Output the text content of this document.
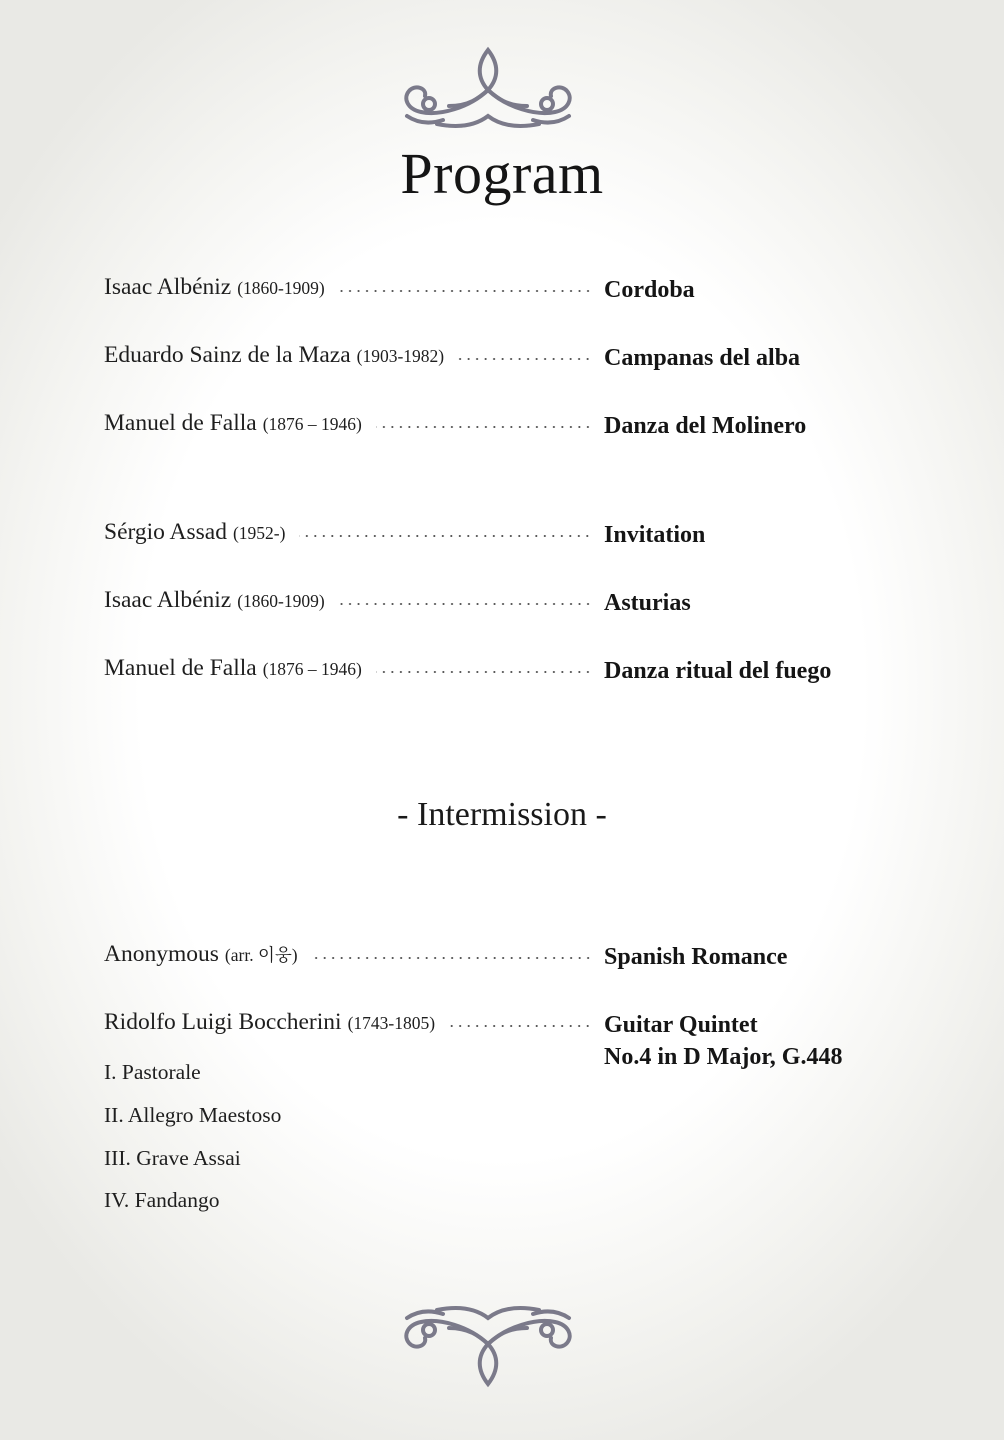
Program
Isaac Albéniz (1860-1909)	Cordoba
Eduardo Sainz de la Maza (1903-1982)	Campanas del alba
Manuel de Falla (1876 – 1946)	Danza del Molinero
Sérgio Assad (1952-)	Invitation
Isaac Albéniz (1860-1909)	Asturias
Manuel de Falla (1876 – 1946)	Danza ritual del fuego
- Intermission -
Anonymous (arr. 이웅)	Spanish Romance
Ridolfo Luigi Boccherini (1743-1805)	Guitar Quintet
No.4 in D Major, G.448
I. Pastorale
II. Allegro Maestoso
III. Grave Assai
IV. Fandango
